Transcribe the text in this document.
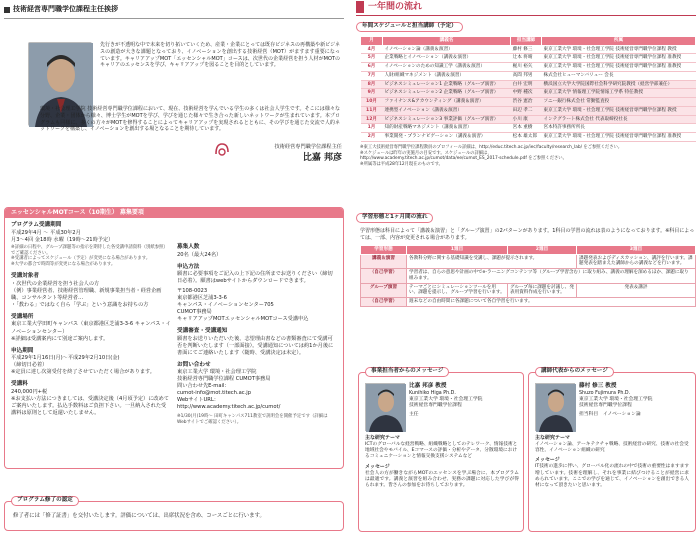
技術経営専門職学位課程主任挨拶
先行きが不透明な中で未来を切り拓いていくため、産業・企業にとっては既存ビジネスの再構築や新ビジネスの創造が大きな課題となっており、イノベーションを創出する技術経営（MOT）がますます重要になっています。キャリアアップMOT「エッセンシャルMOT」コースは、次世代の企業経営を担う人材がMOTのキャリアのエッセンスを学び、キャリアアップを図ることを目的としています。
環境・社会理工学院 技術経営専門職学位課程において、現在、技術経営を学んでいる学生の多くは社会人学生です。そこには様々な分野、企業・団体から様々、博士学生がMOTを学び、学びを通じた様々で生き合った新しいネットワークが生まれています。本プログラムも同様に、多くの方々がMOTを修得することによってキャリアアップを実現されるとともに、その学びを通じた交流で人的ネットワークを構築し、イノベーションを創出する場となることを期待しています。
技術経営専門職学位課程主任
比嘉 邦彦
エッセンシャルMOTコース（10期生） 募集要項
プログラム受講期間
平成29年4月 〜 平成30年2月
月3〜4回 金18時 水曜（19時〜21時予定）
※詳細の日程や、グループ課題等の指示を期待した各受講申請資料（別紙参照）でご確認ください。
※受講者によってスケジュール（予定）が変更になる場合があります。
※大学の都合で時間等が変更になる場合があります。
受講対象者
・次世代の企業経営を担う社会人の方
（例）事業経営者、技術経営管理職、新規事業担当者・経営企画職、コンサルタント等経営者…
・「教わる」ではなく自ら「学ぶ」という意識をお持ちの方
受講場所
東京工業大学田町キャンパス（東京都港区芝浦3-3-6 キャンパス・イノベーションセンター）
※詳細は受講案内にて別途ご案内します。
申込期間
平成29年1月16日(月)〜平成29年2月10日(金)
（締切日必着）
※定員に達し次第受付を終了させていただく場合があります。
受講料
240,000円+税
※お支払い方法につきましては、受講決定後（4月頃予定）に改めてご案内いたします。払込手数料はご負担下さい。一旦納入された受講料は原則として返還いたしません。
募集人数
20名（最大24名）
申込方法
願書に必要事項をご記入の上下記の住所までお送りください（締切日必着）。願書はwebサイトからダウンロードできます。
〒108-0023
東京都港区芝浦3-3-6
キャンパス・イノベーションセンター705
CUMOT事務局
キャリアアップMOTエッセンシャルMOTコース受講申込
受講審査・受講通知
願書をお送りいただいた後、志望理由書などの書類審査にて受講可否を判断いたします（一部面接）。受講通知については約1か月後に書面にてご連絡いたします（随時、受講決定は未定）。
お問い合わせ
東京工業大学 環境・社会理工学院
技術経営専門職学位課程 CUMOT事務局
問い合わせ先E-mail：
cumot-info@mot.titech.ac.jp
WebサイトURL：
http://www.academy.titech.ac.jp/cumot/
※1/30(月)19時〜 田町キャンパス711教室で説明会を開催予定です（詳細はWebサイトでご確認ください）。
プログラム修了の認定
修了者には「修了証書」を交付いたします。評価については、出席状況を含め、コースごとに行います。
一年間の流れ
年間スケジュールと担当講師（予定）
月	講義名	担当講師	所属
4月	イノベーション論（講義＆演習）	藤村 修三	東京工業大学 環境・社会理工学院 技術経営専門職学位課程 教授
5月	企業戦略とイノベーション（講義＆演習）	辻本 将晴	東京工業大学 環境・社会理工学院 技術経営専門職学位課程 准教授
6月	イノベーションのための知識工学（講義＆演習）	梶川 裕矢	東京工業大学 環境・社会理工学院 技術経営専門職学位課程 准教授
7月	人財/組織マネジメント（講義＆演習）	高間 邦男	株式会社ヒューマンバリュー 会長
8月	ビジネスシミュレーション1 企業戦略（グループ演習）	白井 宏明	横浜国立大学大学院国際社会科学研究院教授（経営学部兼任）
9月	ビジネスシミュレーション2 企業戦略（グループ演習）	中野 種次	東京工業大学 情報理工学院情報工学系 特任教授
10月	ファイナンス&アカウンティング（講義＆演習）	渋谷 憲治	ソニー銀行株式会社 常勤監査役
11月	連携型イノベーション（講義＆演習）	田辺 孝二	東京工業大学 環境・社会理工学院 技術経営専門職学位課程 教授
12月	ビジネスシミュレーション3 事業評価（グループ演習）	小川 康	インテグラート株式会社 代表取締役社長
1月	知的財産戦略マネジメント（講義＆演習）	宮本 重樹	宮本特許事務所所長
2月	事業開発・プランナビゲーション（講義＆演習）	松本 雄太郎	東京工業大学 環境・社会理工学院 技術経営専門職学位課程 准教授
※東工大技術経営専門職学位課程教員のプロフィール詳細は、http://educ.titech.ac.jp/iec/faculty/research_lab/ をご参照ください。
※スケジュールは昨年の実施月の目安です。スケジュールの詳細は、
http://www.academy.titech.ac.jp/cumot/data/ee/cumot_ES_2017-schedule.pdf をご参照ください。
※所属等は平成28年12月現在のものです。
学習形態と1ヶ月間の流れ
学習形態は科目によって「講義＆演習」と「グループ演習」の2パターンがあります。1科目の学習の流れは表のようになっております。※科目によっては、一部、内容が変更される場合があります。
学習形態	1週目	2週目	3週目
講義＆演習	各教科分野に関する基礎知識を受講し、課題が提示されます。		課題発表およびディスカッション、講評を行います。課題発表を踏まえた講師からの講義などを行います。
（自己学習）	学習者は、自らの意思や計画の中でe-ラーニングコンテンツ等（グループ学習含む）に取り組み、講義の理解を深めるほか、課題に取り組みます。		
グループ演習	テーマごとにシミュレーションツールを用い、課題を提示し、グループ学習を行います。	グループ毎に課題を討議し、発表用資料作成を行います。	発表＆講評
（自己学習）	週末などの自由時間に各課題について各自学習を行います。		
事業担当者からのメッセージ
比嘉 邦彦 教授
Kunihiko Higa Ph.D.
東京工業大学 環境・社会理工学院
技術経営専門職学位課程
主任
主な研究テーマ
ICTのグローバルな経営戦略、組織戦略としてのテレワーク、情報技術と地域社会やモバイル、Eコマースの評価・分析やデータ、分散環境におけるコミュニケーションと情報交換支援システムなど
メッセージ
社会人の方が働きながらMOTのエッセンスを学ぶ場合に、本プログラムは最適です。講義と演習を組み合わせ、実務の課題に対応した学びが得られます。皆さんの参加をお待ちしております。
講師代表からのメッセージ
藤村 修三 教授
Shuzo Fujimura Ph.D.
東京工業大学 環境・社会理工学院
技術経営専門職学位課程
担当科目　イノベーション論
主な研究テーマ
イノベーション論、アーキテクチャ戦略、技術経営の研究、技術の社会受容性、イノベーション組織の研究
メッセージ
IT技術の進歩に伴い、グローバル化の流れの中で技術の重要性はますます増しています。技術を理解し、それを事業に結びつけることが経営に求められています。ここでの学びを通じて、イノベーションを創出できる人材になって頂きたいと思います。
